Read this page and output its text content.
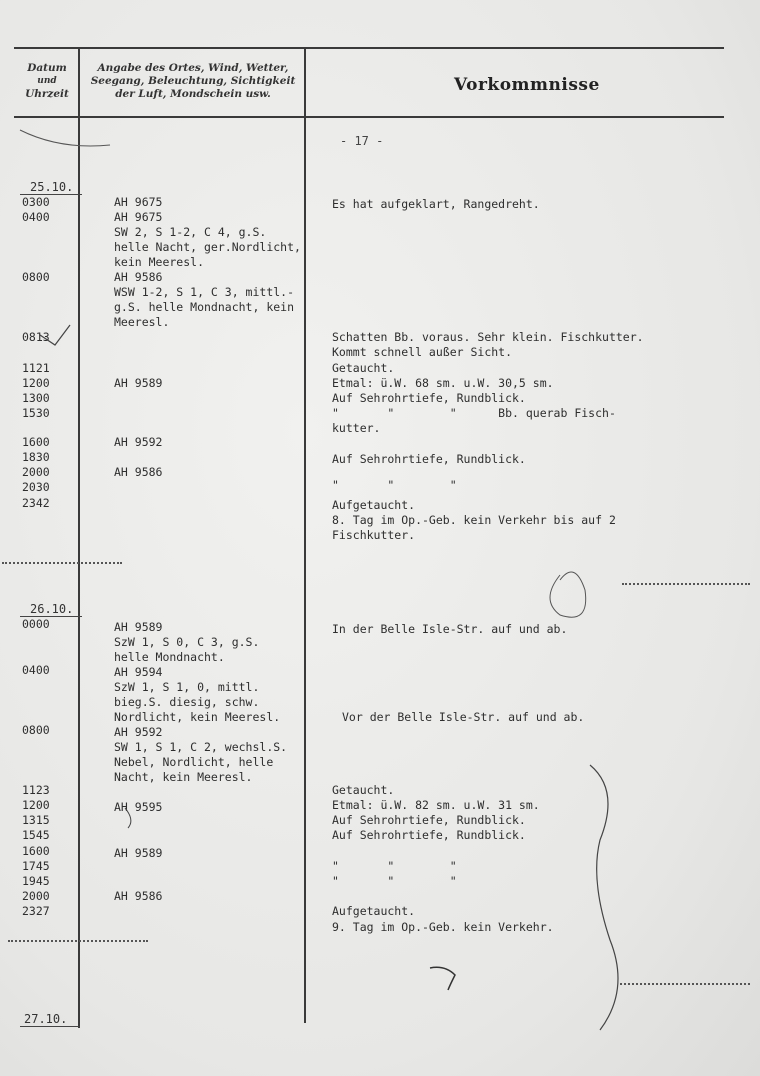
Datum
und
Uhrzeit
Angabe des Ortes, Wind, Wetter,
Seegang, Beleuchtung, Sichtigkeit
der Luft, Mondschein usw.	Vorkommnisse
- 17 -
25.10.
26.10.
27.10.
0300
0400
0800
0813
1121
1200
1300
1530
1600
1830
2000
2030
2342
0000
0400
0800
1123
1200
1315
1545
1600
1745
1945
2000
2327
AH 9675
AH 9675
SW 2, S 1-2, C 4, g.S.
helle Nacht, ger.Nordlicht,
kein Meeresl.
AH 9586
WSW 1-2, S 1, C 3, mittl.-
g.S. helle Mondnacht, kein
Meeresl.
AH 9589
AH 9592
AH 9586
AH 9589
SzW 1, S 0, C 3, g.S.
helle Mondnacht.
AH 9594
SzW 1, S 1, 0, mittl.
bieg.S. diesig, schw.
Nordlicht, kein Meeresl.
AH 9592
SW 1, S 1, C 2, wechsl.S.
Nebel, Nordlicht, helle
Nacht, kein Meeresl.
AH 9595
AH 9589
AH 9586
Es hat aufgeklart, Rangedreht.
Schatten Bb. voraus. Sehr klein. Fischkutter.
Kommt schnell außer Sicht.
Getaucht.
Etmal: ü.W. 68 sm. u.W. 30,5 sm.
Auf Sehrohrtiefe, Rundblick.
"       "        "      Bb. querab Fisch-
kutter.
Auf Sehrohrtiefe, Rundblick.
"       "        "
Aufgetaucht.
8. Tag im Op.-Geb. kein Verkehr bis auf 2
Fischkutter.
In der Belle Isle-Str. auf und ab.
Vor der Belle Isle-Str. auf und ab.
Getaucht.
Etmal: ü.W. 82 sm. u.W. 31 sm.
Auf Sehrohrtiefe, Rundblick.
Auf Sehrohrtiefe, Rundblick.
"       "        "
"       "        "
Aufgetaucht.
9. Tag im Op.-Geb. kein Verkehr.
